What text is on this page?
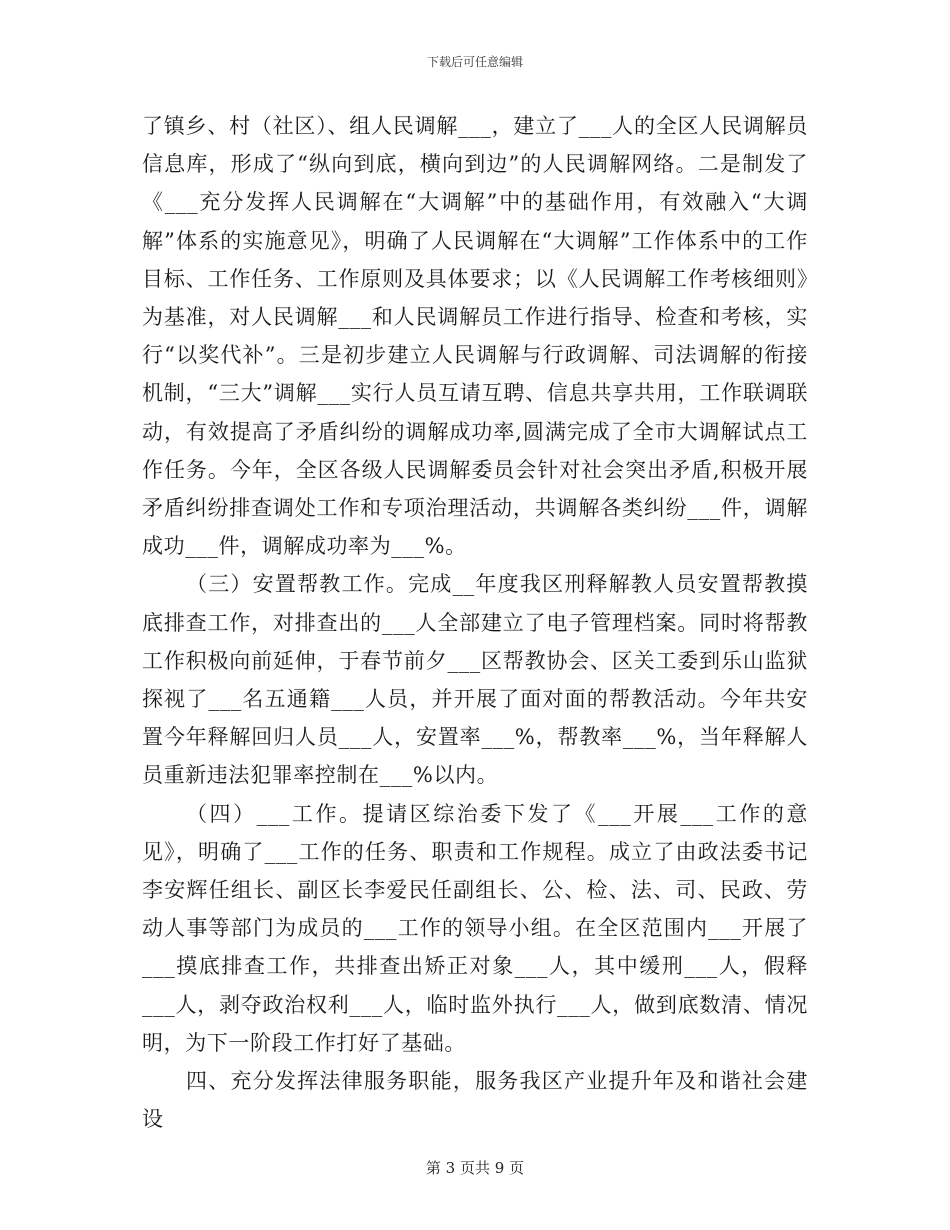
下载后可任意编辑

了镇乡、村（社区）、组人民调解___，建立了___人的全区人民调解员信息库，形成了“纵向到底，横向到边”的人民调解网络。二是制发了《___充分发挥人民调解在“大调解”中的基础作用，有效融入“大调解”体系的实施意见》，明确了人民调解在“大调解”工作体系中的工作目标、工作任务、工作原则及具体要求；以《人民调解工作考核细则》为基准，对人民调解___和人民调解员工作进行指导、检查和考核，实行“以奖代补”。三是初步建立人民调解与行政调解、司法调解的衔接机制，“三大”调解___实行人员互请互聘、信息共享共用，工作联调联动，有效提高了矛盾纠纷的调解成功率,圆满完成了全市大调解试点工作任务。今年，全区各级人民调解委员会针对社会突出矛盾,积极开展矛盾纠纷排查调处工作和专项治理活动，共调解各类纠纷___件，调解成功___件，调解成功率为___%。

（三）安置帮教工作。完成__年度我区刑释解教人员安置帮教摸底排查工作，对排查出的___人全部建立了电子管理档案。同时将帮教工作积极向前延伸，于春节前夕___区帮教协会、区关工委到乐山监狱探视了___名五通籍___人员，并开展了面对面的帮教活动。今年共安置今年释解回归人员___人，安置率___%，帮教率___%，当年释解人员重新违法犯罪率控制在___%以内。

（四）___工作。提请区综治委下发了《___开展___工作的意见》，明确了___工作的任务、职责和工作规程。成立了由政法委书记李安辉任组长、副区长李爱民任副组长、公、检、法、司、民政、劳动人事等部门为成员的___工作的领导小组。在全区范围内___开展了___摸底排查工作，共排查出矫正对象___人，其中缓刑___人，假释___人，剥夺政治权利___人，临时监外执行___人，做到底数清、情况明，为下一阶段工作打好了基础。

四、充分发挥法律服务职能，服务我区产业提升年及和谐社会建设

第 3 页共 9 页
